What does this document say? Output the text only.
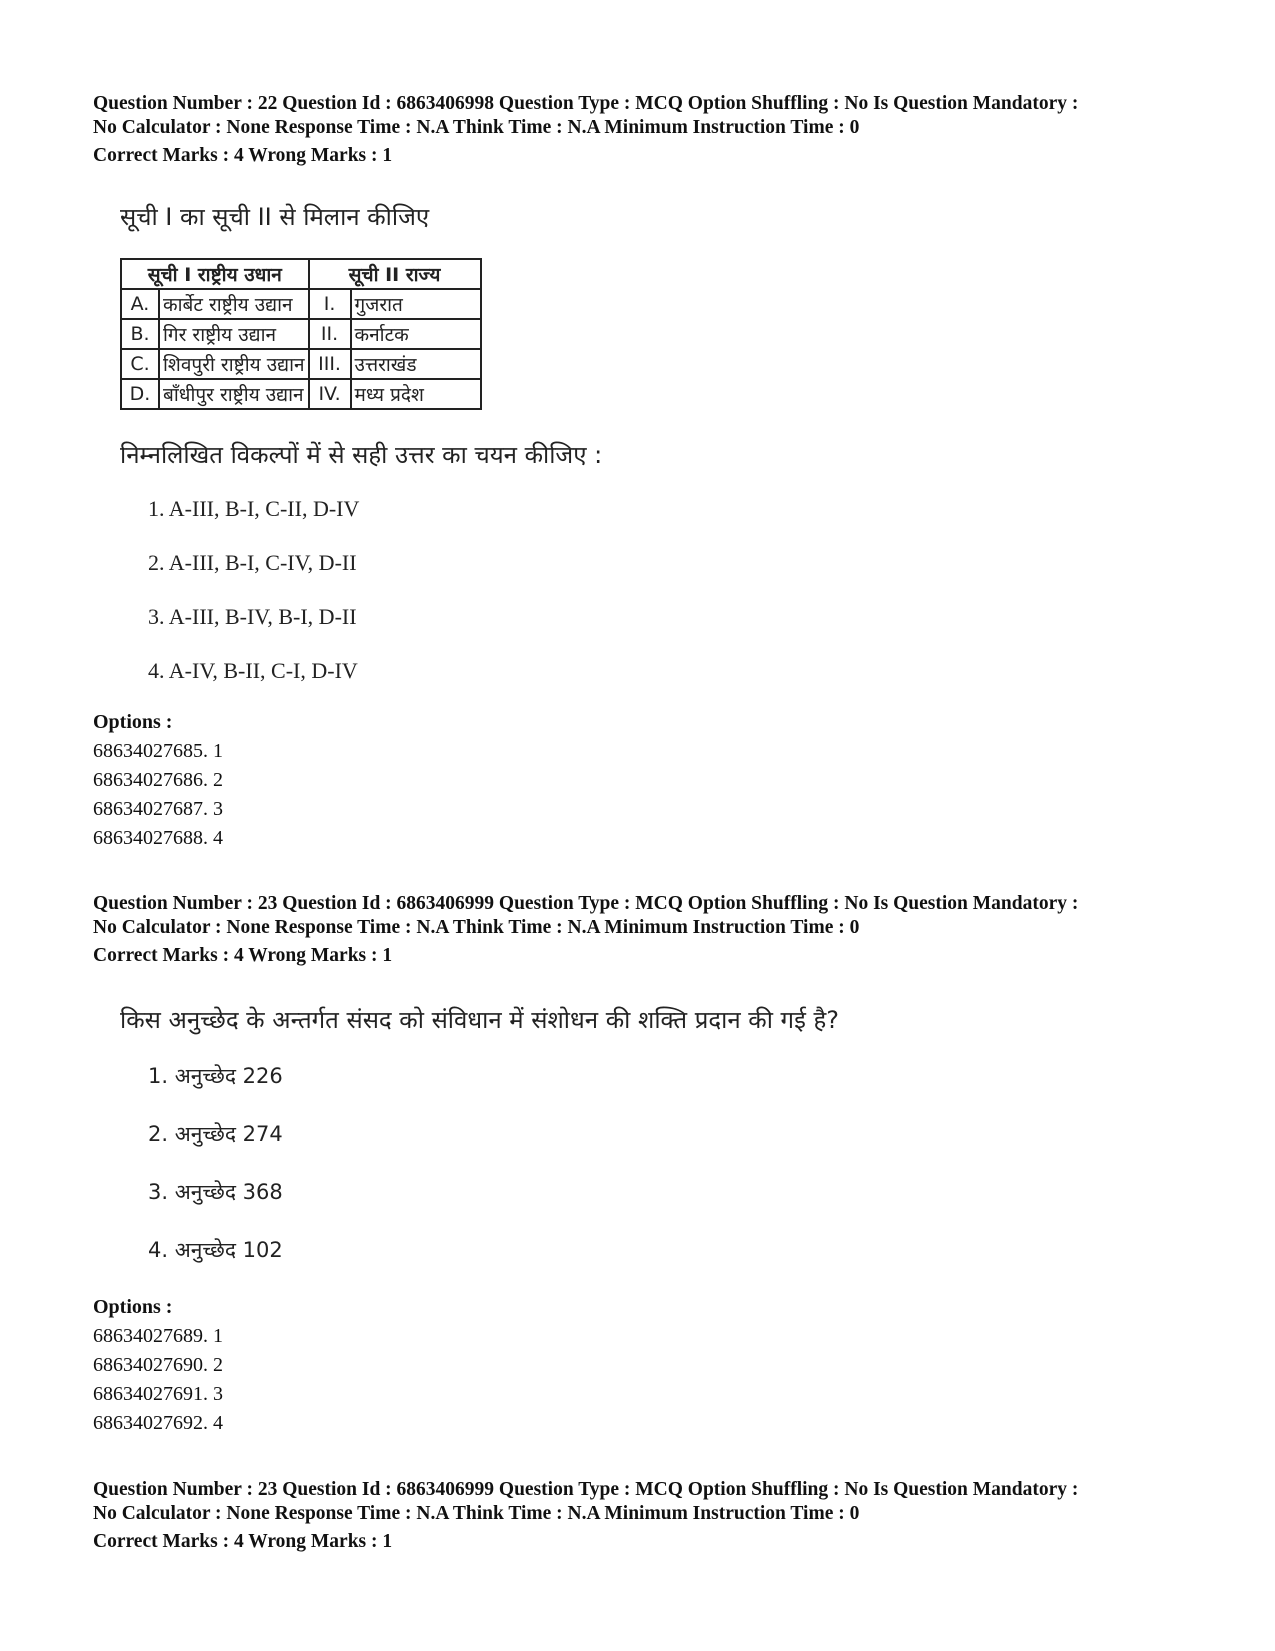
Question Number : 22 Question Id : 6863406998 Question Type : MCQ Option Shuffling : No Is Question Mandatory :
No Calculator : None Response Time : N.A Think Time : N.A Minimum Instruction Time : 0
Correct Marks : 4 Wrong Marks : 1
सूची I का सूची II से मिलान कीजिए
सूची I राष्ट्रीय उधान		सूची II राज्य	
A.	कार्बेट राष्ट्रीय उद्यान	I.	गुजरात
B.	गिर राष्ट्रीय उद्यान	II.	कर्नाटक
C.	शिवपुरी राष्ट्रीय उद्यान	III.	उत्तराखंड
D.	बाँधीपुर राष्ट्रीय उद्यान	IV.	मध्य प्रदेश
निम्नलिखित विकल्पों में से सही उत्तर का चयन कीजिए :
1. A-III, B-I, C-II, D-IV
2. A-III, B-I, C-IV, D-II
3. A-III, B-IV, B-I, D-II
4. A-IV, B-II, C-I, D-IV
Options :
68634027685. 1
68634027686. 2
68634027687. 3
68634027688. 4
Question Number : 23 Question Id : 6863406999 Question Type : MCQ Option Shuffling : No Is Question Mandatory :
No Calculator : None Response Time : N.A Think Time : N.A Minimum Instruction Time : 0
Correct Marks : 4 Wrong Marks : 1
किस अनुच्छेद के अन्तर्गत संसद को संविधान में संशोधन की शक्ति प्रदान की गई है?
1. अनुच्छेद 226
2. अनुच्छेद 274
3. अनुच्छेद 368
4. अनुच्छेद 102
Options :
68634027689. 1
68634027690. 2
68634027691. 3
68634027692. 4
Question Number : 23 Question Id : 6863406999 Question Type : MCQ Option Shuffling : No Is Question Mandatory :
No Calculator : None Response Time : N.A Think Time : N.A Minimum Instruction Time : 0
Correct Marks : 4 Wrong Marks : 1
